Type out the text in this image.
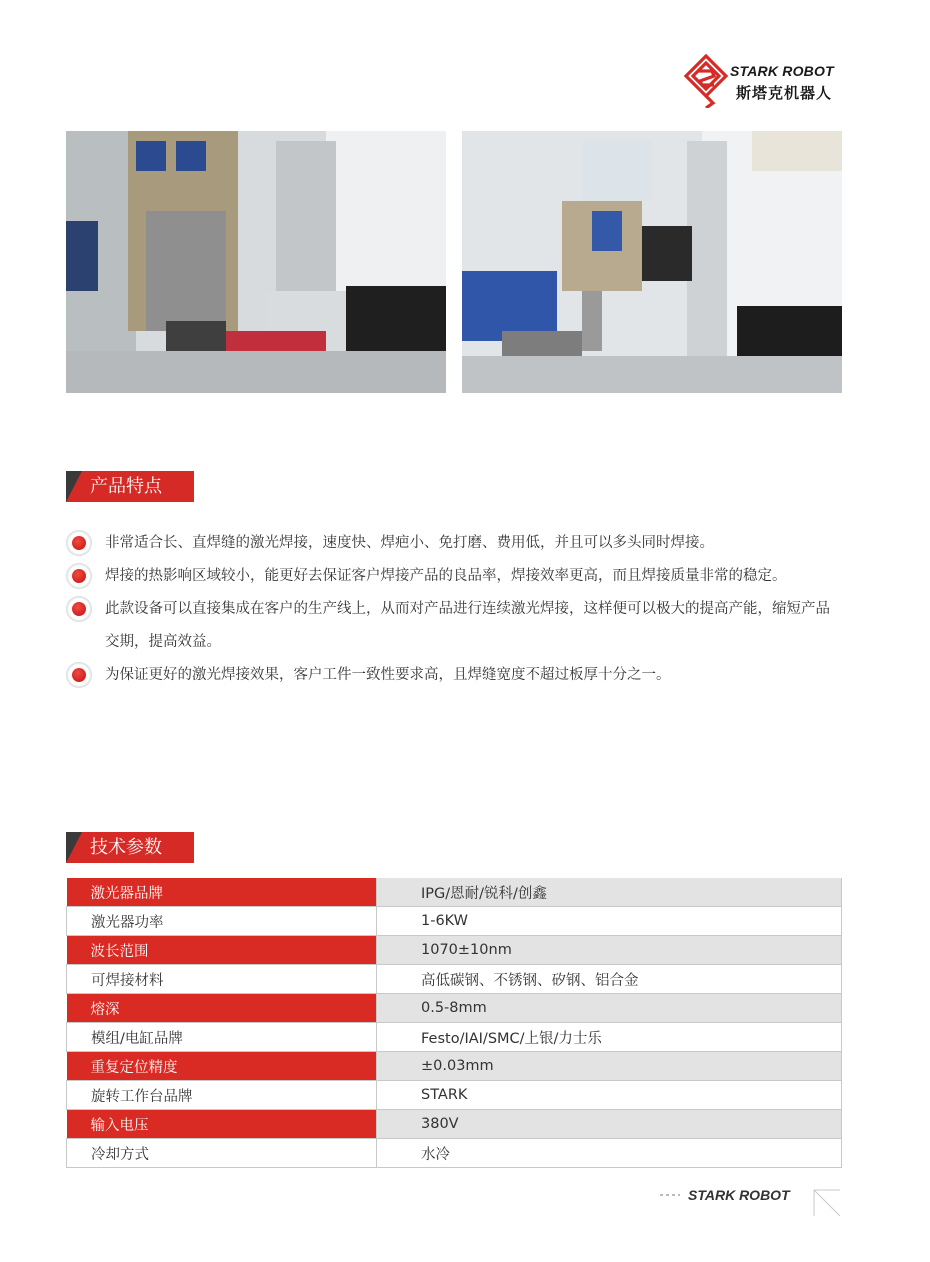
STARK ROBOT
斯塔克机器人
产品特点

非常适合长、直焊缝的激光焊接，速度快、焊疤小、免打磨、费用低，并且可以多头同时焊接。

焊接的热影响区域较小，能更好去保证客户焊接产品的良品率，焊接效率更高，而且焊接质量非常的稳定。

此款设备可以直接集成在客户的生产线上，从而对产品进行连续激光焊接，这样便可以极大的提高产能，缩短产品交期，提高效益。

为保证更好的激光焊接效果，客户工件一致性要求高，且焊缝宽度不超过板厚十分之一。

技术参数
激光器品牌	IPG/恩耐/锐科/创鑫
激光器功率	1-6KW
波长范围	1070±10nm
可焊接材料	高低碳钢、不锈钢、矽钢、铝合金
熔深	0.5-8mm
模组/电缸品牌	Festo/IAI/SMC/上银/力士乐
重复定位精度	±0.03mm
旋转工作台品牌	STARK
输入电压	380V
冷却方式	水冷
STARK ROBOT
